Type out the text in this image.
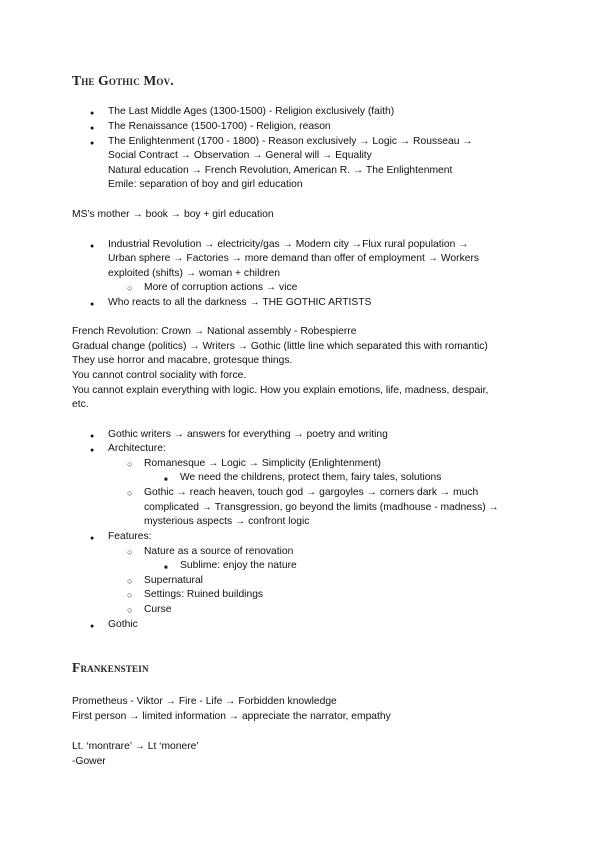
The Gothic Mov.
●
The Last Middle Ages (1300-1500) - Religion exclusively (faith)
●
The Renaissance (1500-1700) - Religion, reason
●
The Enlightenment (1700 - 1800) - Reason exclusively → Logic → Rousseau →
Social Contract → Observation → General will → Equality
Natural education → French Revolution, American R. → The Enlightenment
Emile: separation of boy and girl education
MS’s mother → book → boy + girl education
●
Industrial Revolution → electricity/gas → Modern city →Flux rural population →
Urban sphere → Factories → more demand than offer of employment → Workers
exploited (shifts) → woman + children
○
More of corruption actions → vice
●
Who reacts to all the darkness → THE GOTHIC ARTISTS
French Revolution: Crown → National assembly - Robespierre
Gradual change (politics) → Writers → Gothic (little line which separated this with romantic)
They use horror and macabre, grotesque things.
You cannot control sociality with force.
You cannot explain everything with logic. How you explain emotions, life, madness, despair,
etc.
●
Gothic writers → answers for everything → poetry and writing
●
Architecture:
○
Romanesque → Logic → Simplicity (Enlightenment)
■
We need the childrens, protect them, fairy tales, solutions
○
Gothic → reach heaven, touch god → gargoyles → corners dark → much
complicated → Transgression, go beyond the limits (madhouse - madness) →
mysterious aspects → confront logic
●
Features:
○
Nature as a source of renovation
■
Sublime: enjoy the nature
○
Supernatural
○
Settings: Ruined buildings
○
Curse
●
Gothic
Frankenstein
Prometheus - Viktor → Fire - Life → Forbidden knowledge
First person → limited information → appreciate the narrator, empathy
Lt. ‘montrare’ → Lt ‘monere’
-Gower
